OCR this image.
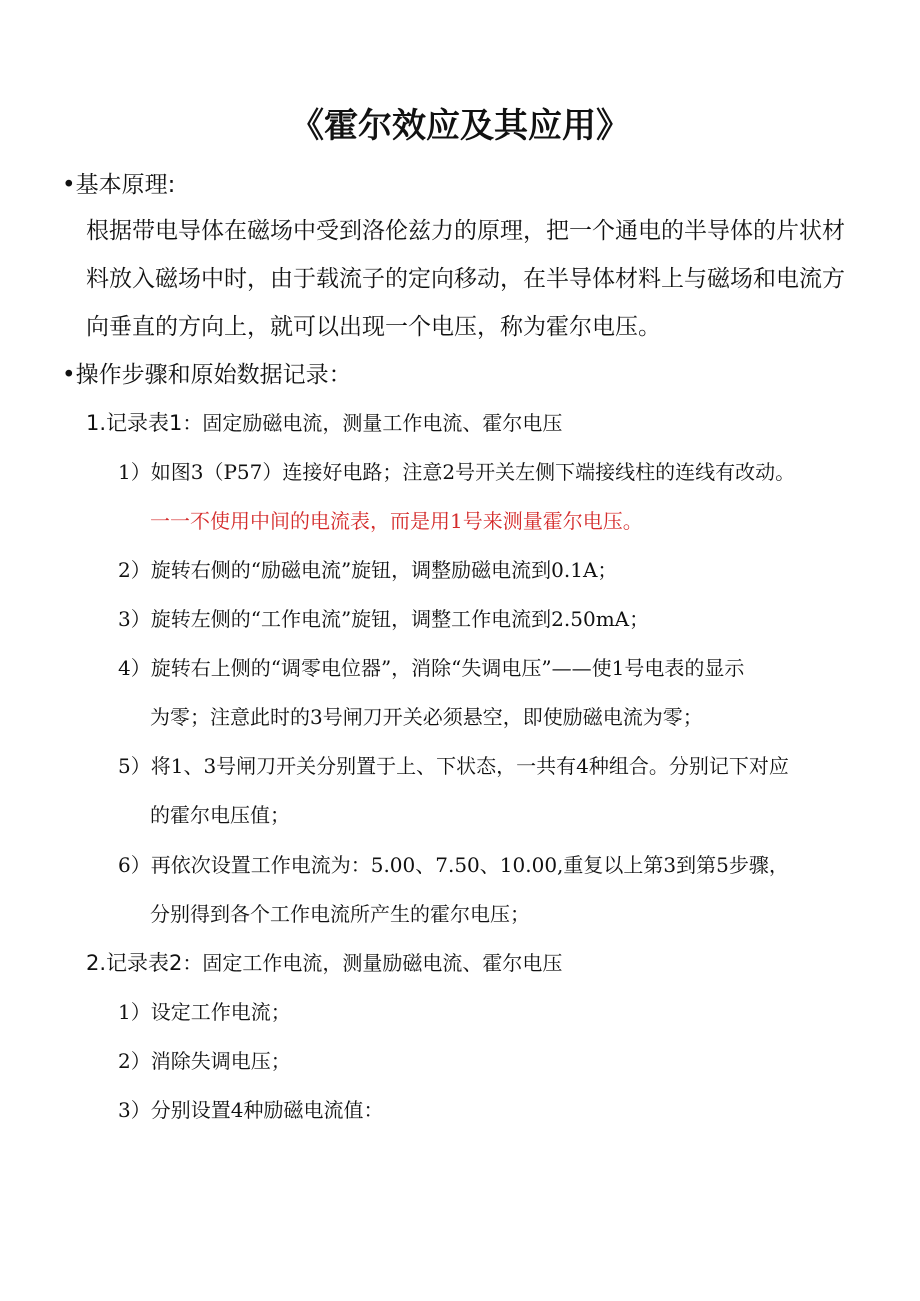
《霍尔效应及其应用》
•基本原理:
根据带电导体在磁场中受到洛伦兹力的原理，把一个通电的半导体的片状材
料放入磁场中时，由于载流子的定向移动，在半导体材料上与磁场和电流方
向垂直的方向上，就可以出现一个电压，称为霍尔电压。
•操作步骤和原始数据记录：
1.记录表1：固定励磁电流，测量工作电流、霍尔电压
1）如图3（P57）连接好电路；注意2号开关左侧下端接线柱的连线有改动。
一一不使用中间的电流表，而是用1号来测量霍尔电压。
2）旋转右侧的“励磁电流”旋钮，调整励磁电流到0.1A；
3）旋转左侧的“工作电流”旋钮，调整工作电流到2.50mA；
4）旋转右上侧的“调零电位器”，消除“失调电压”——使1号电表的显示
为零；注意此时的3号闸刀开关必须悬空，即使励磁电流为零；
5）将1、3号闸刀开关分别置于上、下状态，一共有4种组合。分别记下对应
的霍尔电压值；
6）再依次设置工作电流为：5.00、7.50、10.00,重复以上第3到第5步骤，
分别得到各个工作电流所产生的霍尔电压；
2.记录表2：固定工作电流，测量励磁电流、霍尔电压
1）设定工作电流；
2）消除失调电压；
3）分别设置4种励磁电流值：
